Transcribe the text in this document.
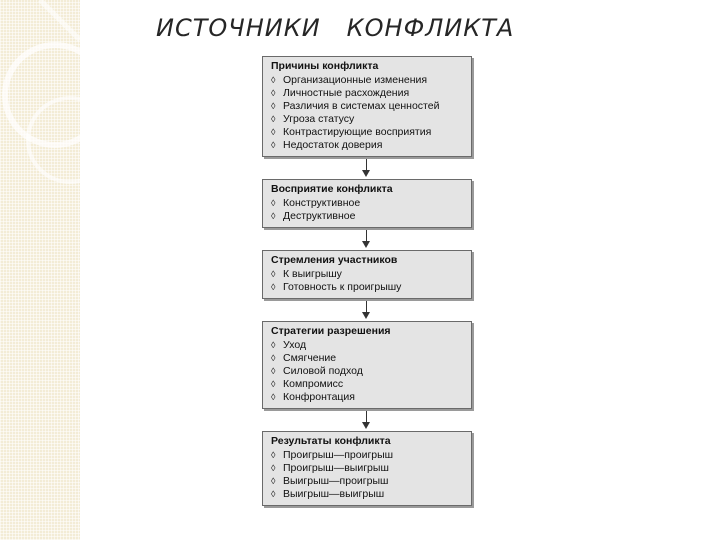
ИСТОЧНИКИ   КОНФЛИКТА
Причины конфликта
◊ Организационные изменения
◊ Личностные расхождения
◊ Различия в системах ценностей
◊ Угроза статусу
◊ Контрастирующие восприятия
◊ Недостаток доверия
Восприятие конфликта
◊ Конструктивное
◊ Деструктивное
Стремления участников
◊ К выигрышу
◊ Готовность к проигрышу
Стратегии разрешения
◊ Уход
◊ Смягчение
◊ Силовой подход
◊ Компромисс
◊ Конфронтация
Результаты конфликта
◊ Проигрыш—проигрыш
◊ Проигрыш—выигрыш
◊ Выигрыш—проигрыш
◊ Выигрыш—выигрыш
